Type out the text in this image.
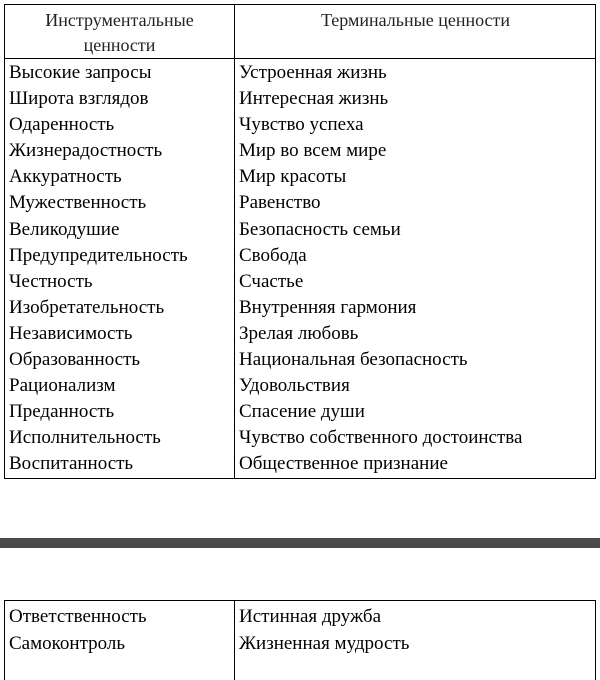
Инструментальные
ценности
Терминальные ценности
Высокие запросы
Широта взглядов
Одаренность
Жизнерадостность
Аккуратность
Мужественность
Великодушие
Предупредительность
Честность
Изобретательность
Независимость
Образованность
Рационализм
Преданность
Исполнительность
Воспитанность
Устроенная жизнь
Интересная жизнь
Чувство успеха
Мир во всем мире
Мир красоты
Равенство
Безопасность семьи
Свобода
Счастье
Внутренняя гармония
Зрелая любовь
Национальная безопасность
Удовольствия
Спасение души
Чувство собственного достоинства
Общественное признание
Ответственность
Самоконтроль
Истинная дружба
Жизненная мудрость
